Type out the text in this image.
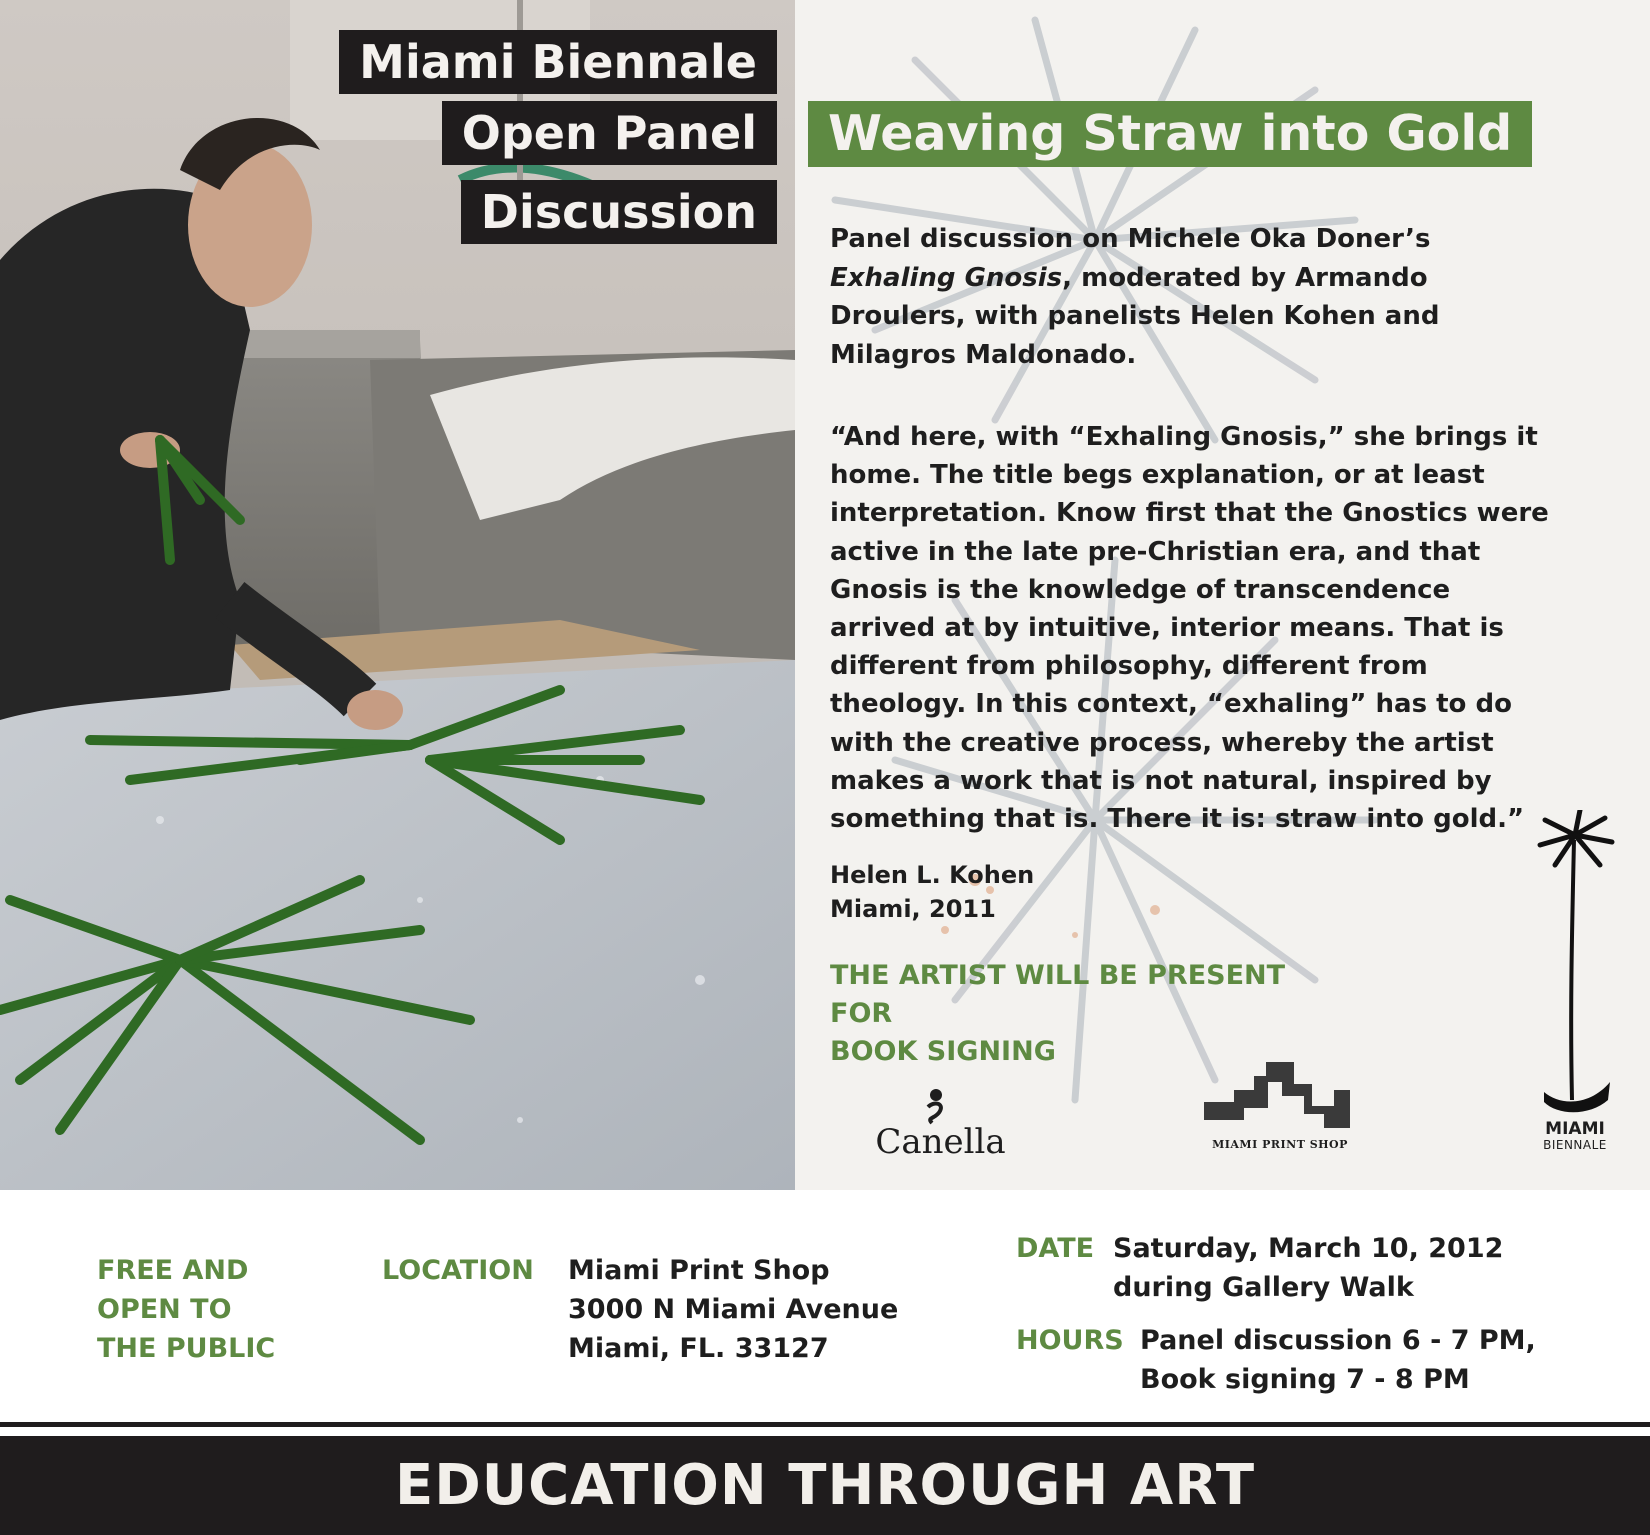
Miami Biennale
Open Panel
Discussion
Weaving Straw into Gold
Panel discussion on Michele Oka Doner’s
Exhaling Gnosis, moderated by Armando
Droulers, with panelists Helen Kohen and
Milagros Maldonado.
“And here, with “Exhaling Gnosis,” she brings it
home. The title begs explanation, or at least
interpretation. Know first that the Gnostics were
active in the late pre-Christian era, and that
Gnosis is the knowledge of transcendence
arrived at by intuitive, interior means. That is
different from philosophy, different from
theology. In this context, “exhaling” has to do
with the creative process, whereby the artist
makes a work that is not natural, inspired by
something that is. There it is: straw into gold.”
Helen L. Kohen
Miami, 2011
THE ARTIST WILL BE PRESENT FOR
BOOK SIGNING
Canella	MIAMI PRINT SHOP
MIAMI
BIENNALE
FREE AND
OPEN TO
THE PUBLIC
LOCATION Miami Print Shop
3000 N Miami Avenue
Miami, FL. 33127
DATE Saturday, March 10, 2012
during Gallery Walk
HOURS Panel discussion 6 - 7 PM,
Book signing 7 - 8 PM
EDUCATION THROUGH ART
